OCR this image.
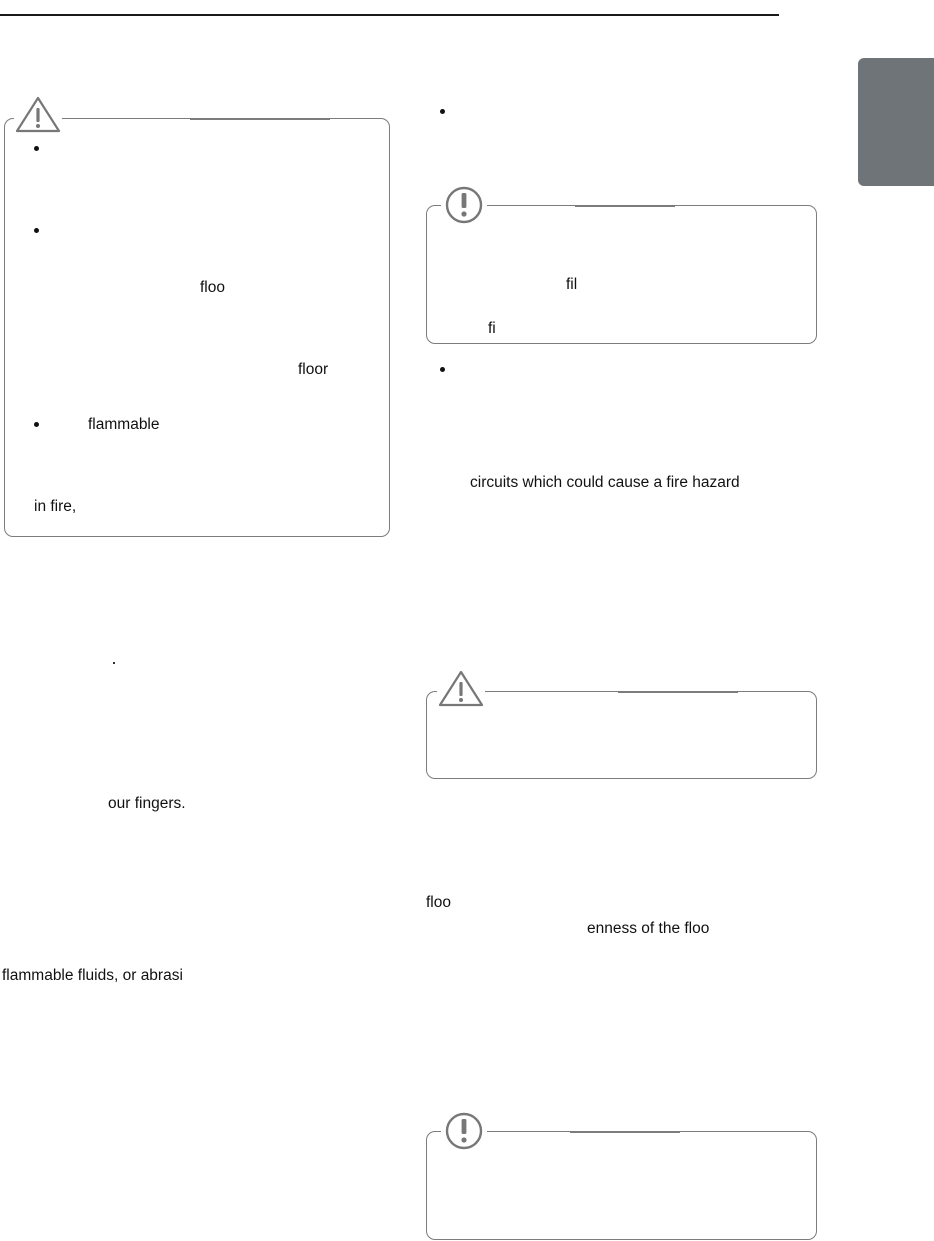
floo
floor
flammable
in fire,
our fingers.
flammable fluids, or abrasi
fil
fi
circuits which could cause a fire hazard
floo
enness of the floo
